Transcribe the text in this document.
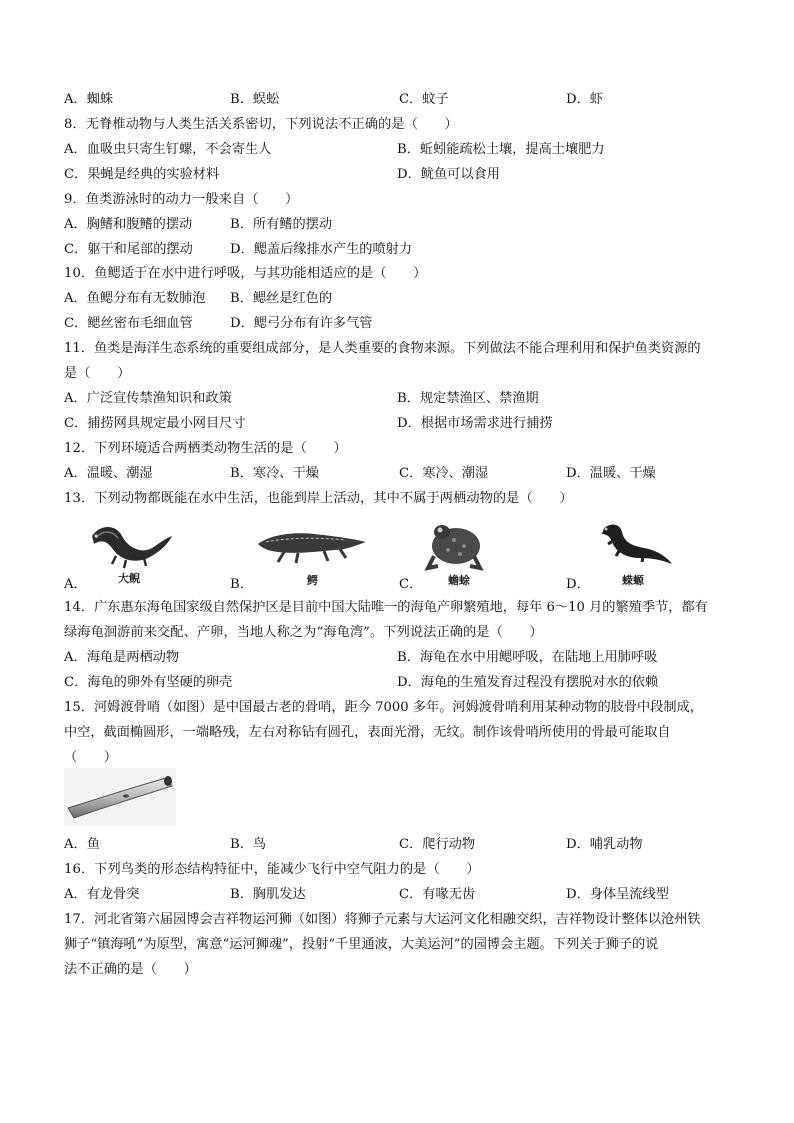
A．蜘蛛	B．蜈蚣	C．蚊子	D．虾
8．无脊椎动物与人类生活关系密切，下列说法不正确的是（　　）
A．血吸虫只寄生钉螺，不会寄生人	B．蚯蚓能疏松土壤，提高土壤肥力
C．果蝇是经典的实验材料	D．鱿鱼可以食用
9．鱼类游泳时的动力一般来自（　　）
A．胸鳍和腹鳍的摆动	B．所有鳍的摆动
C．躯干和尾部的摆动	D．鳃盖后缘排水产生的喷射力
10．鱼鳃适于在水中进行呼吸，与其功能相适应的是（　　）
A．鱼鳃分布有无数肺泡 B．鳃丝是红色的
C．鳃丝密布毛细血管	D．鳃弓分布有许多气管
11．鱼类是海洋生态系统的重要组成部分，是人类重要的食物来源。下列做法不能合理利用和保护鱼类资源的
是（　　）
A．广泛宣传禁渔知识和政策	B．规定禁渔区、禁渔期
C．捕捞网具规定最小网目尺寸	D．根据市场需求进行捕捞
12．下列环境适合两栖类动物生活的是（　　）
A．温暖、潮湿	B．寒冷、干燥	C．寒冷、潮湿	D．温暖、干燥
13．下列动物都既能在水中生活，也能到岸上活动，其中不属于两栖动物的是（　　）
A．	B．	C．	D．
大鲵	鳄	蟾蜍	蝾螈
14．广东惠东海龟国家级自然保护区是目前中国大陆唯一的海龟产卵繁殖地，每年 6～10 月的繁殖季节，都有
绿海龟洄游前来交配、产卵，当地人称之为“海龟湾”。下列说法正确的是（　　）
A．海龟是两栖动物	B．海龟在水中用鳃呼吸，在陆地上用肺呼吸
C．海龟的卵外有坚硬的卵壳	D．海龟的生殖发育过程没有摆脱对水的依赖
15．河姆渡骨哨（如图）是中国最古老的骨哨，距今 7000 多年。河姆渡骨哨利用某种动物的肢骨中段制成，
中空，截面椭圆形，一端略残，左右对称钻有圆孔，表面光滑，无纹。制作该骨哨所使用的骨最可能取自
（　　）
A．鱼	B．鸟	C．爬行动物	D．哺乳动物
16．下列鸟类的形态结构特征中，能减少飞行中空气阻力的是（　　）
A．有龙骨突	B．胸肌发达	C．有喙无齿	D．身体呈流线型
17．河北省第六届园博会吉祥物运河狮（如图）将狮子元素与大运河文化相融交织，吉祥物设计整体以沧州铁
狮子“镇海吼”为原型，寓意“运河狮魂”，投射“千里通波，大美运河”的园博会主题。下列关于狮子的说
法不正确的是（　　）
